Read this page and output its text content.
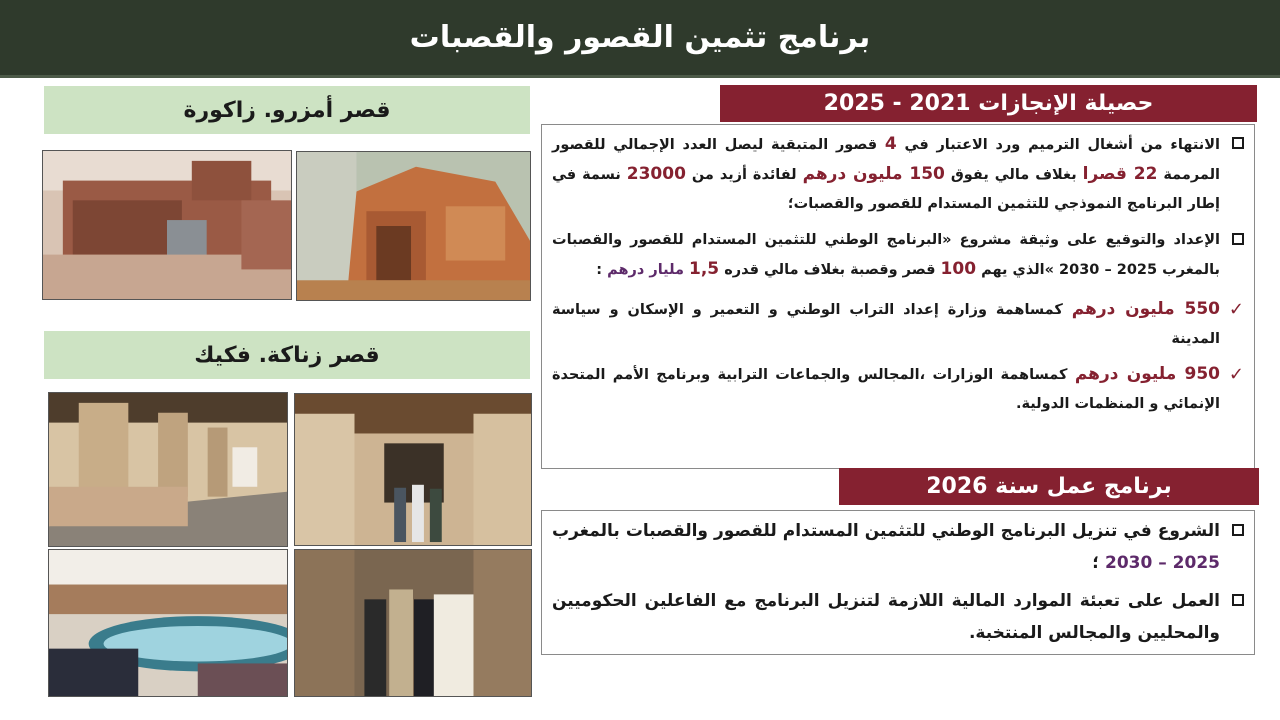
برنامج تثمين القصور والقصبات
قصر أمزرو. زاكورة
قصر زناكة. فكيك
حصيلة الإنجازات 2021 - 2025

الانتهاء من أشغال الترميم ورد الاعتبار في 4 قصور المتبقية ليصل العدد الإجمالي للقصور المرممة 22 قصرا بغلاف مالي يفوق 150 مليون درهم لفائدة أزيد من 23000 نسمة في إطار البرنامج النموذجي للتثمين المستدام للقصور والقصبات؛

الإعداد والتوقيع على وثيقة مشروع «البرنامج الوطني للتثمين المستدام للقصور والقصبات بالمغرب 2025 – 2030 »الذي يهم 100 قصر وقصبة بغلاف مالي قدره 1,5 مليار درهم :

✓

550 مليون درهم كمساهمة وزارة إعداد التراب الوطني و التعمير و الإسكان و سياسة المدينة

✓

950 مليون درهم كمساهمة الوزارات ،المجالس والجماعات الترابية وبرنامج الأمم المتحدة الإنمائي و المنظمات الدولية.

برنامج عمل سنة 2026

الشروع في تنزيل البرنامج الوطني للتثمين المستدام للقصور والقصبات بالمغرب 2025 – 2030 ؛

العمل على تعبئة الموارد المالية اللازمة لتنزيل البرنامج مع الفاعلين الحكوميين والمحليين والمجالس المنتخبة.
